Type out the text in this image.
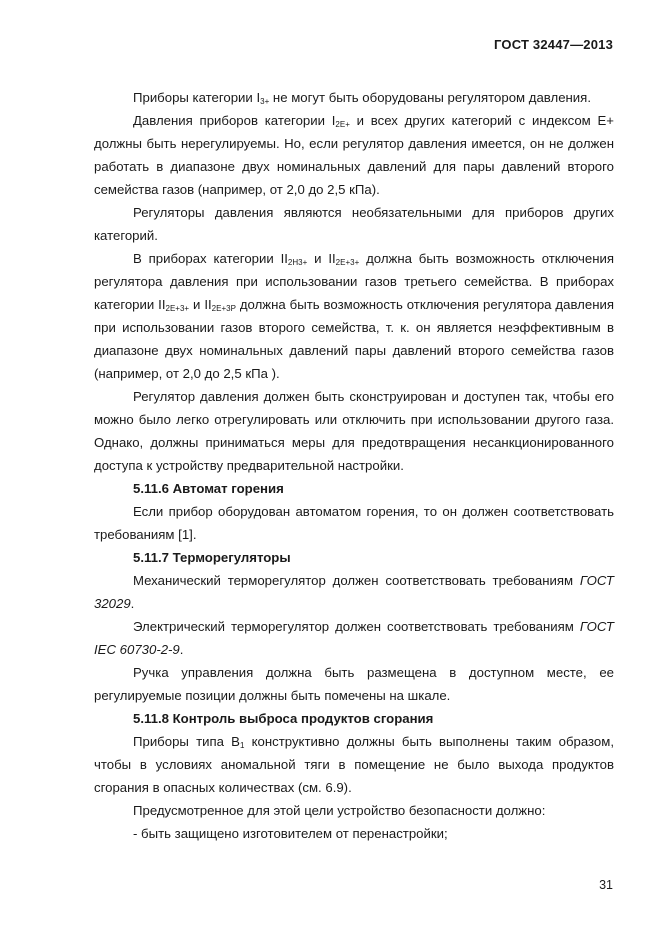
ГОСТ 32447—2013

Приборы категории $I_{3+}$ не могут быть оборудованы регулятором давления.

Давления приборов категории $I_{2E+}$ и всех других категорий с индексом E+ должны быть нерегулируемы. Но, если регулятор давления имеется, он не должен работать в диапазоне двух номинальных давлений для пары давлений второго семейства газов (например, от 2,0 до 2,5 кПа).

Регуляторы давления являются необязательными для приборов других категорий.

В приборах категории $II_{2H3+}$ и $II_{2E+3+}$ должна быть возможность отключения регулятора давления при использовании газов третьего семейства. В приборах категории $II_{2E+3+}$ и $II_{2E+3P}$ должна быть возможность отключения регулятора давления при использовании газов второго семейства, т. к. он является неэффективным в диапазоне двух номинальных давлений пары давлений второго семейства газов (например, от 2,0 до 2,5 кПа ).

Регулятор давления должен быть сконструирован и доступен так, чтобы его можно было легко отрегулировать или отключить при использовании другого газа. Однако, должны приниматься меры для предотвращения несанкционированного доступа к устройству предварительной настройки.

5.11.6 Автомат горения

Если прибор оборудован автоматом горения, то он должен соответствовать требованиям [1].

5.11.7 Терморегуляторы

Механический терморегулятор должен соответствовать требованиям ГОСТ 32029.

Электрический терморегулятор должен соответствовать требованиям ГОСТ IEC 60730-2-9.

Ручка управления должна быть размещена в доступном месте, ее регулируемые позиции должны быть помечены на шкале.

5.11.8 Контроль выброса продуктов сгорания

Приборы типа $В_1$ конструктивно должны быть выполнены таким образом, чтобы в условиях аномальной тяги в помещение не было выхода продуктов сгорания в опасных количествах (см. 6.9).

Предусмотренное для этой цели устройство безопасности должно:

- быть защищено изготовителем от перенастройки;

31
